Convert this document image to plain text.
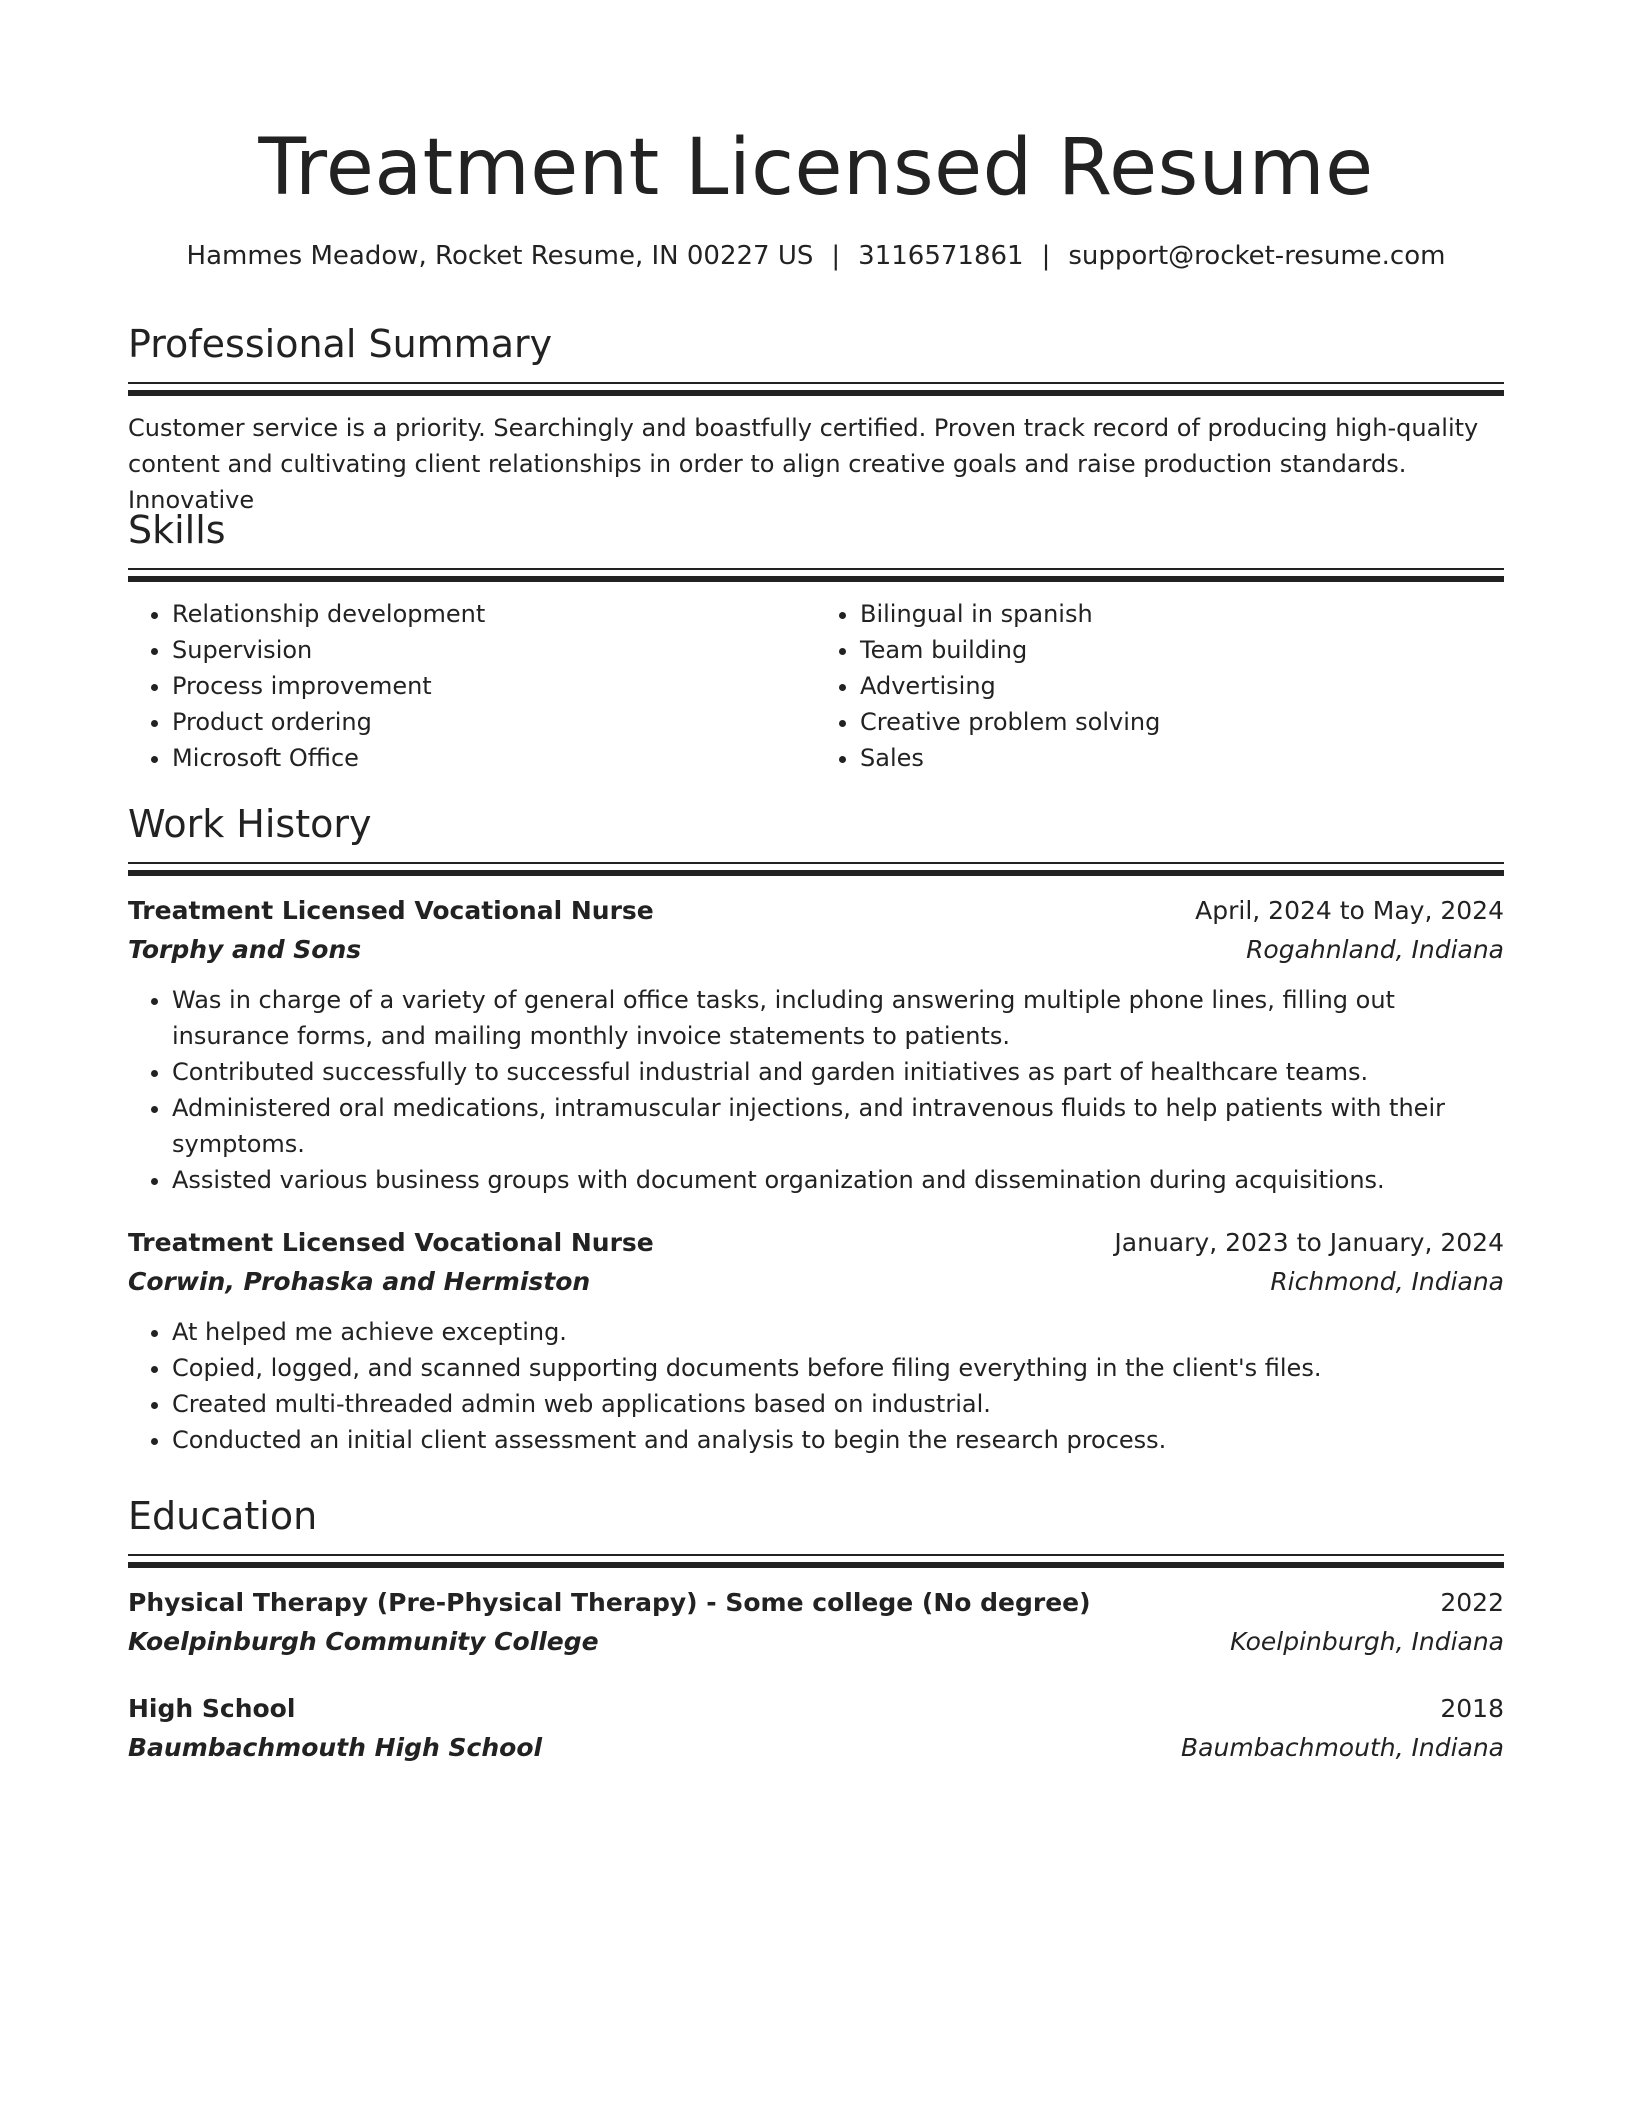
Treatment Licensed Resume
Hammes Meadow, Rocket Resume, IN 00227 US | 3116571861 | support@rocket-resume.com
Professional Summary
Customer service is a priority. Searchingly and boastfully certified. Proven track record of producing high-quality content and cultivating client relationships in order to align creative goals and raise production standards. Innovative
Skills
• Relationship development
• Supervision
• Process improvement
• Product ordering
• Microsoft Office
• Bilingual in spanish
• Team building
• Advertising
• Creative problem solving
• Sales
Work History
Treatment Licensed Vocational Nurse	April, 2024 to May, 2024
Torphy and Sons	Rogahnland, Indiana
• Was in charge of a variety of general office tasks, including answering multiple phone lines, filling out insurance forms, and mailing monthly invoice statements to patients.
• Contributed successfully to successful industrial and garden initiatives as part of healthcare teams.
• Administered oral medications, intramuscular injections, and intravenous fluids to help patients with their symptoms.
• Assisted various business groups with document organization and dissemination during acquisitions.
Treatment Licensed Vocational Nurse	January, 2023 to January, 2024
Corwin, Prohaska and Hermiston	Richmond, Indiana
• At helped me achieve excepting.
• Copied, logged, and scanned supporting documents before filing everything in the client's files.
• Created multi-threaded admin web applications based on industrial.
• Conducted an initial client assessment and analysis to begin the research process.
Education
Physical Therapy (Pre-Physical Therapy) - Some college (No degree)	2022
Koelpinburgh Community College	Koelpinburgh, Indiana
High School	2018
Baumbachmouth High School	Baumbachmouth, Indiana
